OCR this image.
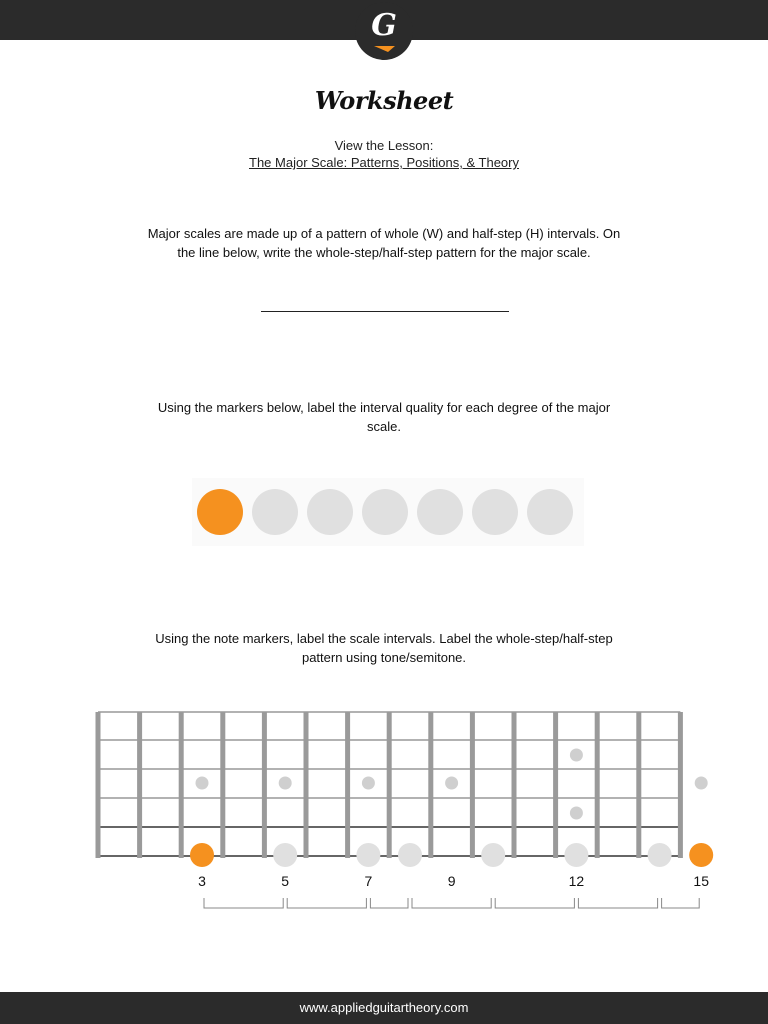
G
Worksheet
View the Lesson:
The Major Scale: Patterns, Positions, & Theory
Major scales are made up of a pattern of whole (W) and half-step (H) intervals. On
the line below, write the whole-step/half-step pattern for the major scale.
Using the markers below, label the interval quality for each degree of the major
scale.
Using the note markers, label the scale intervals. Label the whole-step/half-step
pattern using tone/semitone.
3	5	7	9	12	15
www.appliedguitartheory.com
